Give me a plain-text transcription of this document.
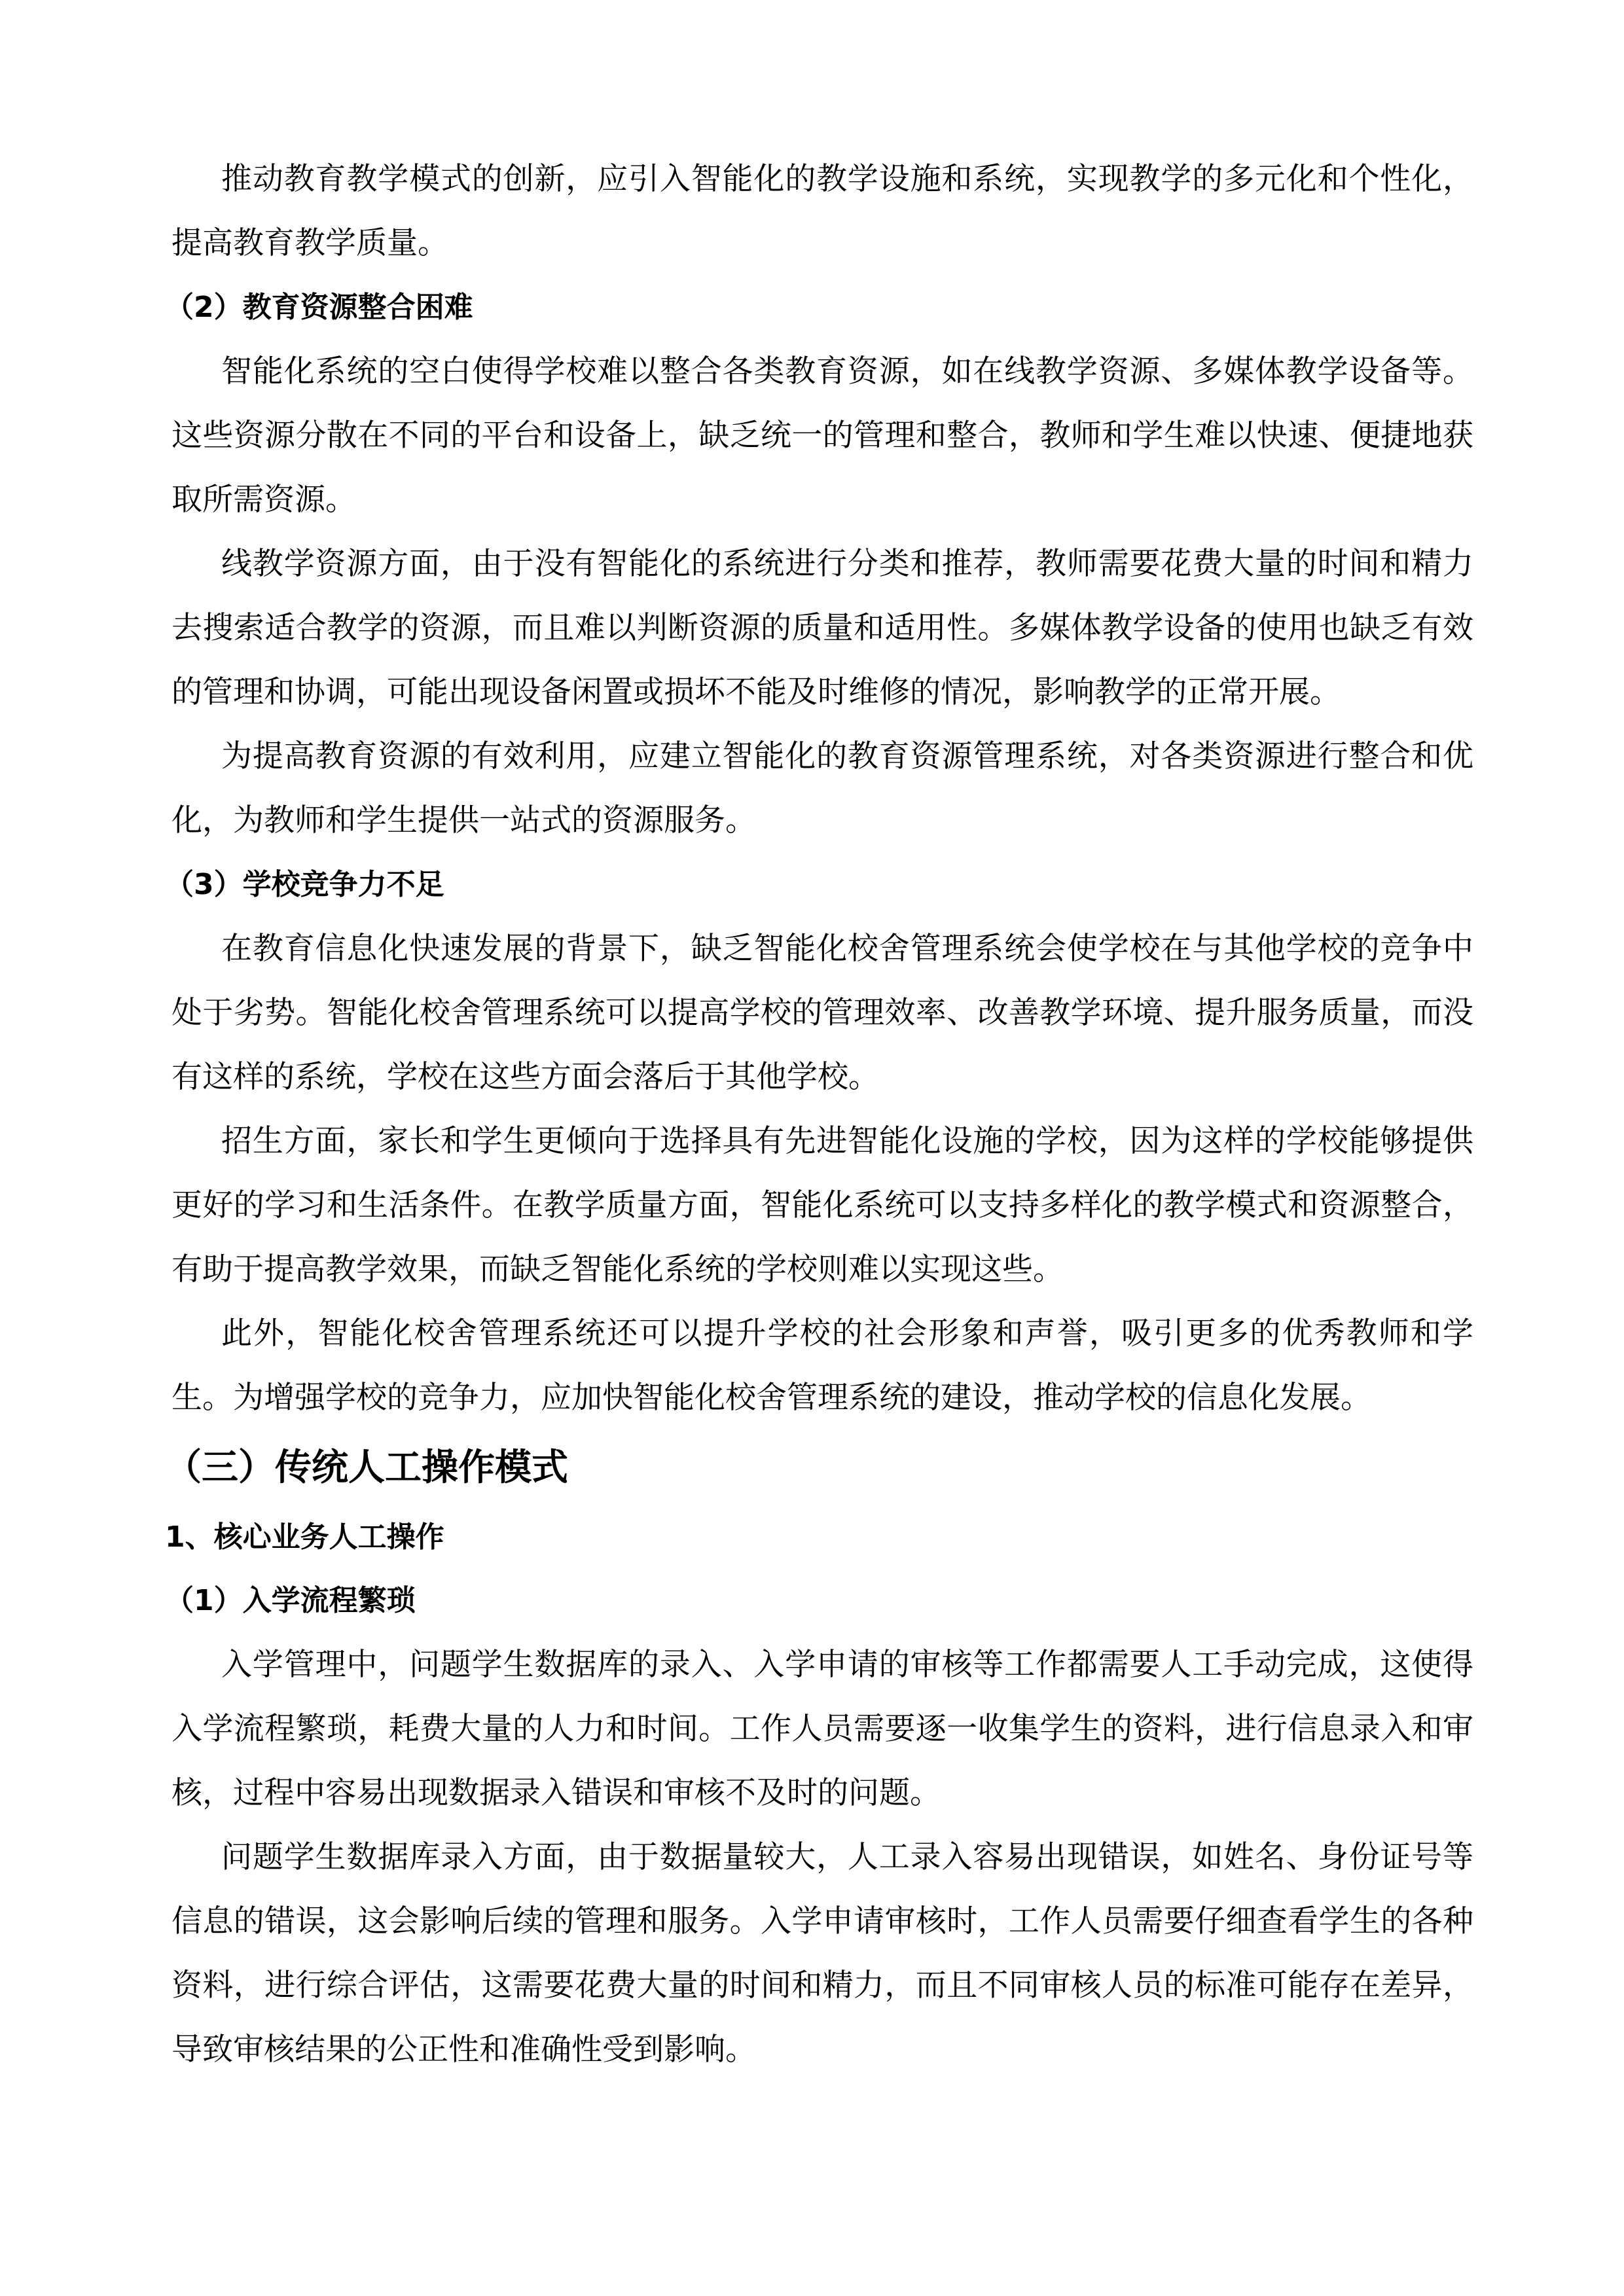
推动教育教学模式的创新，应引入智能化的教学设施和系统，实现教学的多元化和个性化，提高教育教学质量。

（2）教育资源整合困难

智能化系统的空白使得学校难以整合各类教育资源，如在线教学资源、多媒体教学设备等。这些资源分散在不同的平台和设备上，缺乏统一的管理和整合，教师和学生难以快速、便捷地获取所需资源。

线教学资源方面，由于没有智能化的系统进行分类和推荐，教师需要花费大量的时间和精力去搜索适合教学的资源，而且难以判断资源的质量和适用性。多媒体教学设备的使用也缺乏有效的管理和协调，可能出现设备闲置或损坏不能及时维修的情况，影响教学的正常开展。

为提高教育资源的有效利用，应建立智能化的教育资源管理系统，对各类资源进行整合和优化，为教师和学生提供一站式的资源服务。

（3）学校竞争力不足

在教育信息化快速发展的背景下，缺乏智能化校舍管理系统会使学校在与其他学校的竞争中处于劣势。智能化校舍管理系统可以提高学校的管理效率、改善教学环境、提升服务质量，而没有这样的系统，学校在这些方面会落后于其他学校。

招生方面，家长和学生更倾向于选择具有先进智能化设施的学校，因为这样的学校能够提供更好的学习和生活条件。在教学质量方面，智能化系统可以支持多样化的教学模式和资源整合，有助于提高教学效果，而缺乏智能化系统的学校则难以实现这些。

此外，智能化校舍管理系统还可以提升学校的社会形象和声誉，吸引更多的优秀教师和学生。为增强学校的竞争力，应加快智能化校舍管理系统的建设，推动学校的信息化发展。

（三）传统人工操作模式
1、核心业务人工操作
（1）入学流程繁琐

入学管理中，问题学生数据库的录入、入学申请的审核等工作都需要人工手动完成，这使得入学流程繁琐，耗费大量的人力和时间。工作人员需要逐一收集学生的资料，进行信息录入和审核，过程中容易出现数据录入错误和审核不及时的问题。

问题学生数据库录入方面，由于数据量较大，人工录入容易出现错误，如姓名、身份证号等信息的错误，这会影响后续的管理和服务。入学申请审核时，工作人员需要仔细查看学生的各种资料，进行综合评估，这需要花费大量的时间和精力，而且不同审核人员的标准可能存在差异，导致审核结果的公正性和准确性受到影响。
